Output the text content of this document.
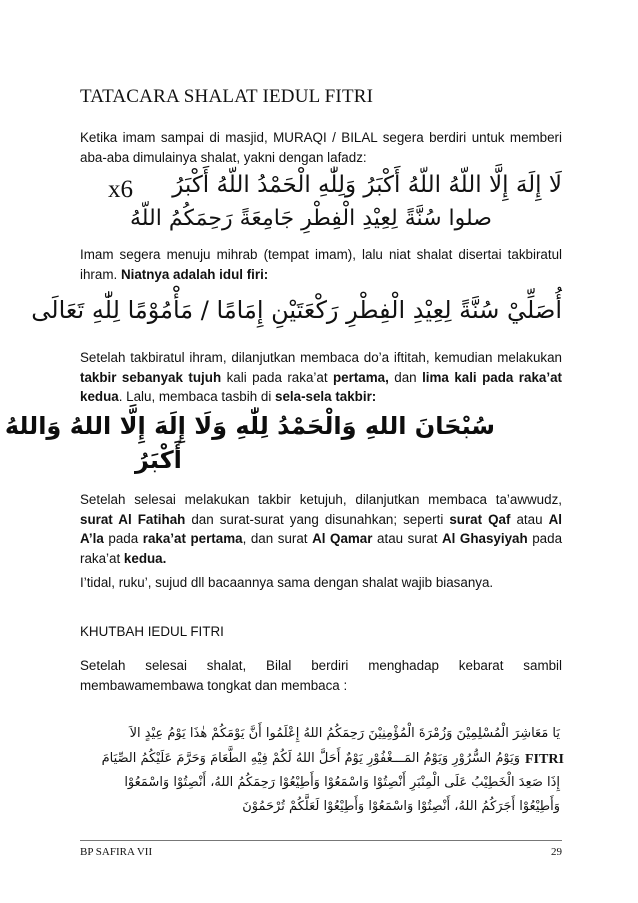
TATACARA SHALAT IEDUL FITRI

Ketika imam sampai di masjid, MURAQI / BILAL segera berdiri untuk memberi aba-aba dimulainya shalat, yakni dengan lafadz:

لَا إِلَهَ إِلَّا اللّهُ اللّهُ أَكْبَرُ وَلِلّٰهِ الْحَمْدُ اللّهُ أَكْبَرُ
x6
صلوا سُنَّةً لِعِيْدِ الْفِطْرِ جَامِعَةً رَحِمَكُمُ اللّهُ

Imam segera menuju mihrab (tempat imam), lalu niat shalat disertai takbiratul ihram. Niatnya adalah idul firi:

أُصَلِّيْ سُنَّةً لِعِيْدِ الْفِطْرِ رَكْعَتَيْنِ إِمَامًا / مَأْمُوْمًا لِلّٰهِ تَعَالَى

Setelah takbiratul ihram, dilanjutkan membaca do’a iftitah, kemudian melakukan takbir sebanyak tujuh kali pada raka’at pertama, dan lima kali pada raka’at kedua. Lalu, membaca tasbih di sela-sela takbir:

سُبْحَانَ اللهِ وَالْحَمْدُ لِلّٰهِ وَلَا إِلَهَ إِلَّا اللهُ وَاللهُ
أَكْبَرُ

Setelah selesai melakukan takbir ketujuh, dilanjutkan membaca ta’awwudz, surat Al Fatihah dan surat-surat yang disunahkan; seperti surat Qaf atau Al A’la pada raka’at pertama, dan surat Al Qamar atau surat Al Ghasyiyah pada raka’at kedua.

I’tidal, ruku’, sujud dll bacaannya sama dengan shalat wajib biasanya.

KHUTBAH IEDUL FITRI

Setelah selesai shalat, Bilal berdiri menghadap kebarat sambil membawamembawa tongkat dan membaca :

يَا مَعَاشِرَ الْمُسْلِمِيْنَ وَزُمْرَةَ الْمُؤْمِنِيْنَ رَحِمَكُمُ اللهُ إِعْلَمُوا أَنَّ يَوْمَكُمْ هٰذَا يَوْمُ عِيْدٍ الاَ
FITRI
وَيَوْمُ السُّرُوْرِ وَيَوْمُ المَـــغْفُوْرِ يَوْمٌ أَحَلَّ اللهُ لَكُمْ فِيْهِ الطَّعَامَ وَحَرَّمَ عَلَيْكُمُ الصِّيَامَ
إِذَا صَعِدَ الْخَطِيْبُ عَلَى الْمِنْبَرِ أَنْصِتُوْا وَاسْمَعُوْا وَأَطِيْعُوْا رَحِمَكُمُ اللهُ، أَنْصِتُوْا وَاسْمَعُوْا
وَأَطِيْعُوْا أَجَرَكُمُ اللهُ، أَنْصِتُوْا وَاسْمَعُوْا وَأَطِيْعُوْا لَعَلَّكُمْ تُرْحَمُوْنَ
BP SAFIRA VII	29
